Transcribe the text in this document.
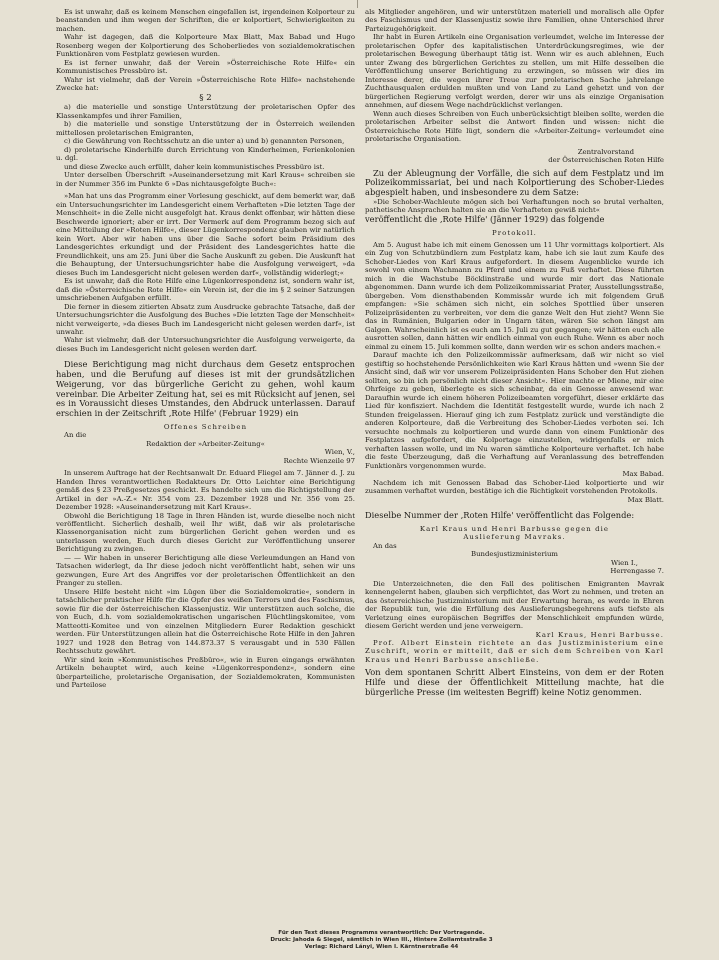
Es ist unwahr, daß es keinem Menschen eingefallen ist, irgendeinen Kolporteur zu beanstanden und ihm wegen der Schriften, die er kolportiert, Schwierigkeiten zu machen.

Wahr ist dagegen, daß die Kolporteure Max Blatt, Max Babad und Hugo Rosenberg wegen der Kolportierung des Schoberliedes von sozialdemokratischen Funktionären vom Festplatz gewiesen wurden.

Es ist ferner unwahr, daß der Verein »Österreichische Rote Hilfe« ein Kommunistisches Pressbüro ist.

Wahr ist vielmehr, daß der Verein »Österreichische Rote Hilfe« nachstehende Zwecke hat:

§ 2

a) die materielle und sonstige Unterstützung der proletarischen Opfer des Klassenkampfes und ihrer Familien,

b) die materielle und sonstige Unterstützung der in Österreich weilenden mittellosen proletarischen Emigranten,

c) die Gewährung von Rechtsschutz an die unter a) und b) genannten Personen,

d) proletarische Kinderhilfe durch Errichtung von Kinderheimen, Ferienkolonien u. dgl.

und diese Zwecke auch erfüllt, daher kein kommunistisches Pressbüro ist.

Unter derselben Überschrift »Auseinandersetzung mit Karl Kraus« schreiben sie in der Nummer 356 im Punkte 6 »Das nichtausgefolgte Buch«:

»Man hat uns das Programm einer Vorlesung geschickt, auf dem bemerkt war, daß ein Untersuchungsrichter im Landesgericht einem Verhafteten »Die letzten Tage der Menschheit« in die Zelle nicht ausgefolgt hat. Kraus denkt offenbar, wir hätten diese Beschwerde ignoriert; aber er irrt. Der Vermerk auf dem Programm bezog sich auf eine Mitteilung der »Roten Hilfe«, dieser Lügenkorrespondenz glauben wir natürlich kein Wort. Aber wir haben uns über die Sache sofort beim Präsidium des Landesgerichtes erkundigt und der Präsident des Landesgerichtes hatte die Freundlichkeit, uns am 25. Juni über die Sache Auskunft zu geben. Die Auskunft hat die Behauptung, der Untersuchungsrichter habe die Ausfolgung verweigert, »da dieses Buch im Landesgericht nicht gelesen werden darf«, vollständig widerlegt;«

Es ist unwahr, daß die Rote Hilfe eine Lügenkorrespondenz ist, sondern wahr ist, daß die »Österreichische Rote Hilfe« ein Verein ist, der die im § 2 seiner Satzungen umschriebenen Aufgaben erfüllt.

Die ferner in diesem zitierten Absatz zum Ausdrucke gebrachte Tatsache, daß der Untersuchungsrichter die Ausfolgung des Buches »Die letzten Tage der Menschheit« nicht verweigerte, »da dieses Buch im Landesgericht nicht gelesen werden darf«, ist unwahr.

Wahr ist vielmehr, daß der Untersuchungsrichter die Ausfolgung verweigerte, da dieses Buch im Landesgericht nicht gelesen werden darf.

Diese Berichtigung mag nicht durchaus dem Gesetz entsprochen haben, und die Berufung auf dieses ist mit der grundsätzlichen Weigerung, vor das bürgerliche Gericht zu gehen, wohl kaum vereinbar. Die Arbeiter Zeitung hat, sei es mit Rücksicht auf jenen, sei es in Voraussicht dieses Umstandes, den Abdruck unterlassen. Darauf erschien in der Zeitschrift ‚Rote Hilfe' (Februar 1929) ein

Offenes Schreiben

An die

Redaktion der »Arbeiter-Zeitung«

Wien, V.,

Rechte Wienzeile 97

In unserem Auftrage hat der Rechtsanwalt Dr. Eduard Fliegel am 7. Jänner d. J. zu Handen Ihres verantwortlichen Redakteurs Dr. Otto Leichter eine Berichtigung gemäß des § 23 Preßgesetzes geschickt. Es handelte sich um die Richtigstellung der Artikel in der »A.-Z.« Nr. 354 vom 23. Dezember 1928 und Nr. 356 vom 25. Dezember 1928: »Auseinandersetzung mit Karl Kraus«.

Obwohl die Berichtigung 18 Tage in Ihren Händen ist, wurde dieselbe noch nicht veröffentlicht. Sicherlich deshalb, weil Ihr wißt, daß wir als proletarische Klassenorganisation nicht zum bürgerlichen Gericht gehen werden und es unterlassen werden, Euch durch dieses Gericht zur Veröffentlichung unserer Berichtigung zu zwingen.

— — Wir haben in unserer Berichtigung alle diese Verleumdungen an Hand von Tatsachen widerlegt, da Ihr diese jedoch nicht veröffentlicht habt, sehen wir uns gezwungen, Eure Art des Angriffes vor der proletarischen Öffentlichkeit an den Pranger zu stellen.

Unsere Hilfe besteht nicht »im Lügen über die Sozialdemokratie«, sondern in tatsächlicher praktischer Hilfe für die Opfer des weißen Terrors und des Faschismus, sowie für die der österreichischen Klassenjustiz. Wir unterstützen auch solche, die von Euch, d.h. vom sozialdemokratischen ungarischen Flüchtlingskomitee, vom Matteotti-Komitee und von einzelnen Mitgliedern Eurer Redaktion geschickt werden. Für Unterstützungen allein hat die Österreichische Rote Hilfe in den Jahren 1927 und 1928 den Betrag von 144.873.37 S verausgabt und in 530 Fällen Rechtsschutz gewährt.

Wir sind kein »Kommunistisches Preßbüro«, wie in Euren eingangs erwähnten Artikeln behauptet wird, auch keine »Lügenkorrespondenz«, sondern eine überparteiliche, proletarische Organisation, der Sozialdemokraten, Kommunisten und Parteilose

als Mitglieder angehören, und wir unterstützen materiell und moralisch alle Opfer des Faschismus und der Klassenjustiz sowie ihre Familien, ohne Unterschied ihrer Parteizugehörigkeit.

Ihr habt in Euren Artikeln eine Organisation verleumdet, welche im Interesse der proletarischen Opfer des kapitalistischen Unterdrückungsregimes, wie der proletarischen Bewegung überhaupt tätig ist. Wenn wir es auch ablehnen, Euch unter Zwang des bürgerlichen Gerichtes zu stellen, um mit Hilfe desselben die Veröffentlichung unserer Berichtigung zu erzwingen, so müssen wir dies im Interesse derer, die wegen ihrer Treue zur proletarischen Sache jahrelange Zuchthausqualen erdulden mußten und von Land zu Land gehetzt und von der bürgerlichen Regierung verfolgt werden, derer wir uns als einzige Organisation annehmen, auf diesem Wege nachdrücklichst verlangen.

Wenn auch dieses Schreiben von Euch unberücksichtigt bleiben sollte, werden die proletarischen Arbeiter selbst die Antwort finden und wissen: nicht die Österreichische Rote Hilfe lügt, sondern die »Arbeiter-Zeitung« verleumdet eine proletarische Organisation.

Zentralvorstand

der Österreichischen Roten Hilfe

Zu der Ableugnung der Vorfälle, die sich auf dem Festplatz und im Polizeikommissariat, bei und nach Kolportierung des Schober-Liedes abgespielt haben, und insbesondere zu dem Satze:

»Die Schober-Wachleute mögen sich bei Verhaftungen noch so brutal verhalten, pathetische Ansprachen halten sie an die Verhafteten gewiß nicht«

veröffentlicht die ‚Rote Hilfe' (Jänner 1929) das folgende

Protokoll.

Am 5. August habe ich mit einem Genossen um 11 Uhr vormittags kolportiert. Als ein Zug von Schutzbündlern zum Festplatz kam, habe ich sie laut zum Kaufe des Schober-Liedes von Karl Kraus aufgefordert. In diesem Augenblicke wurde ich sowohl von einem Wachmann zu Pferd und einem zu Fuß verhaftet. Diese führten mich in die Wachstube Böcklinstraße und wurde mir dort das Nationale abgenommen. Dann wurde ich dem Polizeikommissariat Prater, Ausstellungsstraße, übergeben. Vom diensthabenden Kommissär wurde ich mit folgendem Gruß empfangen: »Sie schämen sich nicht, ein solches Spottlied über unseren Polizeipräsidenten zu verbreiten, vor dem die ganze Welt den Hut zieht? Wenn Sie das in Rumänien, Bulgarien oder in Ungarn täten, wären Sie schon längst am Galgen. Wahrscheinlich ist es euch am 15. Juli zu gut gegangen; wir hätten euch alle ausrotten sollen, dann hätten wir endlich einmal von euch Ruhe. Wenn es aber noch einmal zu einem 15. Juli kommen sollte, dann werden wir es schon anders machen.«

Darauf machte ich den Polizeikommissär aufmerksam, daß wir nicht so viel gestiftig so hochstehende Persönlichkeiten wie Karl Kraus hätten und »wenn Sie der Ansicht sind, daß wir vor unserem Polizeipräsidenten Hans Schober den Hut ziehen sollten, so bin ich persönlich nicht dieser Ansicht«. Hier machte er Miene, mir eine Ohrfeige zu geben, überlegte es sich scheinbar, da ein Genosse anwesend war. Daraufhin wurde ich einem höheren Polizeibeamten vorgeführt, dieser erklärte das Lied für konfisziert. Nachdem die Identität festgestellt wurde, wurde ich nach 2 Stunden freigelassen. Hierauf ging ich zum Festplatz zurück und verständigte die anderen Kolporteure, daß die Verbreitung des Schober-Liedes verboten sei. Ich versuchte nochmals zu kolportieren und wurde dann von einem Funktionär des Festplatzes aufgefordert, die Kolportage einzustellen, widrigenfalls er mich verhaften lassen wolle, und im Nu waren sämtliche Kolporteure verhaftet. Ich habe die feste Überzeugung, daß die Verhaftung auf Veranlassung des betreffenden Funktionärs vorgenommen wurde.

Max Babad.

Nachdem ich mit Genossen Babad das Schober-Lied kolportierte und wir zusammen verhaftet wurden, bestätige ich die Richtigkeit vorstehenden Protokolls.

Max Blatt.

Dieselbe Nummer der ‚Roten Hilfe' veröffentlicht das Folgende:

Karl Kraus und Henri Barbusse gegen die

Auslieferung Mavraks.

An das

Bundesjustizministerium

Wien I.,

Herrengasse 7.

Die Unterzeichneten, die den Fall des politischen Emigranten Mavrak kennengelernt haben, glauben sich verpflichtet, das Wort zu nehmen, und treten an das österreichische Justizministerium mit der Erwartung heran, es werde in Ehren der Republik tun, wie die Erfüllung des Auslieferungsbegehrens aufs tiefste als Verletzung eines europäischen Begriffes der Menschlichkeit empfunden würde, diesem Gericht werden und jene verweigern.

Karl Kraus, Henri Barbusse.

Prof. Albert Einstein richtete an das Justizministerium eine Zuschrift, worin er mitteilt, daß er sich dem Schreiben von Karl Kraus und Henri Barbusse anschließe.

Von dem spontanen Schritt Albert Einsteins, von dem er der Roten Hilfe und diese der Öffentlichkeit Mitteilung machte, hat die bürgerliche Presse (im weitesten Begriff) keine Notiz genommen.

Für den Text dieses Programms verantwortlich: Der Vortragende.
Druck: Jahoda & Siegel, sämtlich in Wien III., Hintere Zollamtsstraße 3
Verlag: Richard Lányi, Wien I. Kärntnerstraße 44
